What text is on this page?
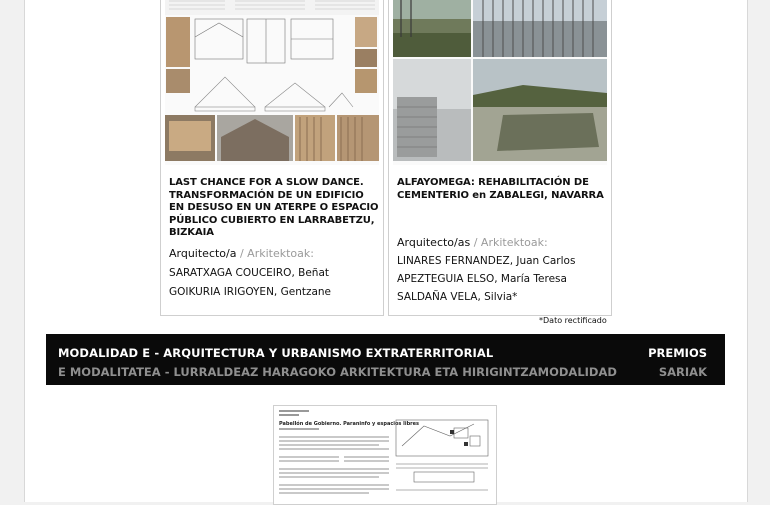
LAST CHANCE FOR A SLOW DANCE. TRANSFORMACIÓN DE UN EDIFICIO EN DESUSO EN UN ATERPE O ESPACIO PÚBLICO CUBIERTO EN LARRABETZU, BIZKAIA
Arquitecto/a / Arkitektoak:
SARATXAGA COUCEIRO, Beñat
GOIKURIA IRIGOYEN, Gentzane
ALFAYOMEGA: REHABILITACIÓN DE CEMENTERIO en ZABALEGI, NAVARRA
Arquitecto/as / Arkitektoak:
LINARES FERNANDEZ, Juan Carlos
APEZTEGUIA ELSO, María Teresa
SALDAÑA VELA, Silvia*
*Dato rectificado
MODALIDAD E - ARQUITECTURA Y URBANISMO EXTRATERRITORIAL
E MODALITATEA - LURRALDEAZ HARAGOKO ARKITEKTURA ETA HIRIGINTZAMODALIDAD
PREMIOS
SARIAK
Pabellón de Gobierno. Paraninfo y espacios libres
